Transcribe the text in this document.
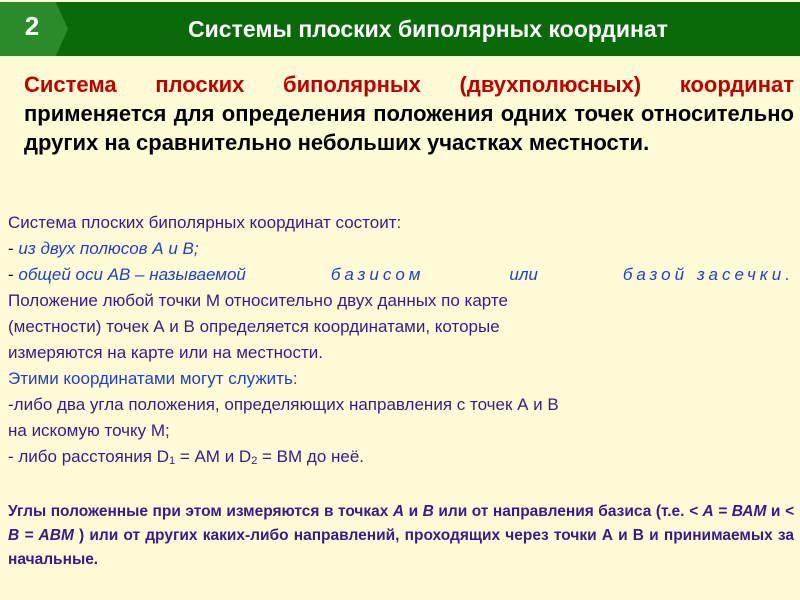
2	Системы плоских биполярных координат
Система плоских биполярных (двухполюсных) координат применяется для определения положения одних точек относительно других на сравнительно небольших участках местности.
Система плоских биполярных координат состоит:
- из двух полюсов А и В;
- общей оси АВ – называемой	базисом	или	базой засечки.
Положение любой точки М относительно двух данных по карте
(местности) точек А и В определяется координатами, которые
измеряются на карте или на местности.
Этими координатами могут служить:
-либо два угла положения, определяющих направления с точек А и В
на искомую точку М;
- либо расстояния $D_1$ = АМ и $D_2$ = ВМ до неё.
Углы положенные при этом измеряются в точках А и В или от направления базиса (т.е. < А = ВАМ и < В = АВМ ) или от других каких-либо направлений, проходящих через точки А и В и принимаемых за начальные.
